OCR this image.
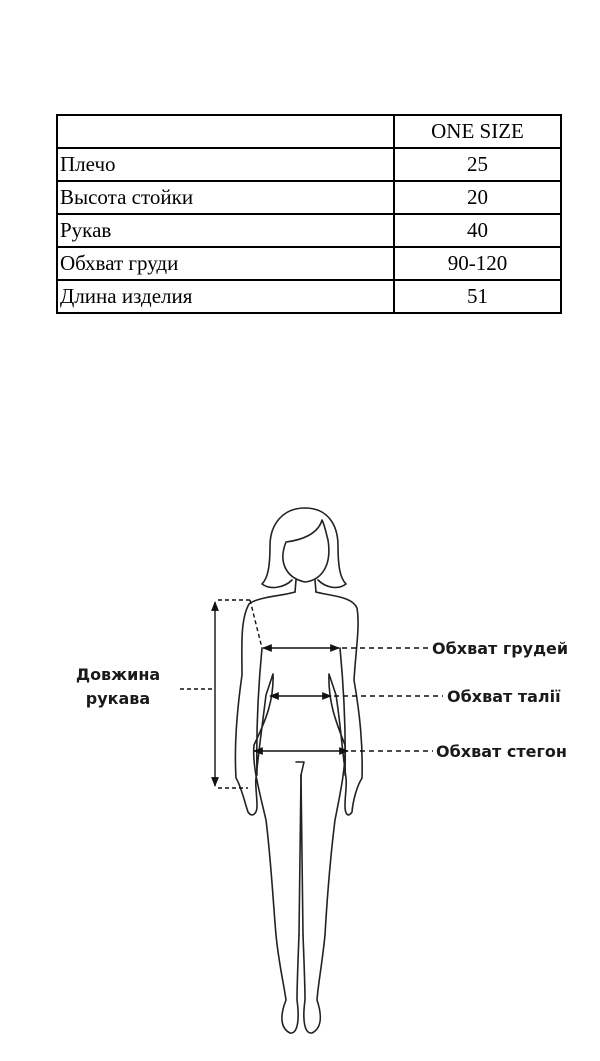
	ONE SIZE
Плечо	25
Высота стойки	20
Рукав	40
Обхват груди	90-120
Длина изделия	51
Довжина
рукава
Обхват грудей
Обхват талії
Обхват стегон
